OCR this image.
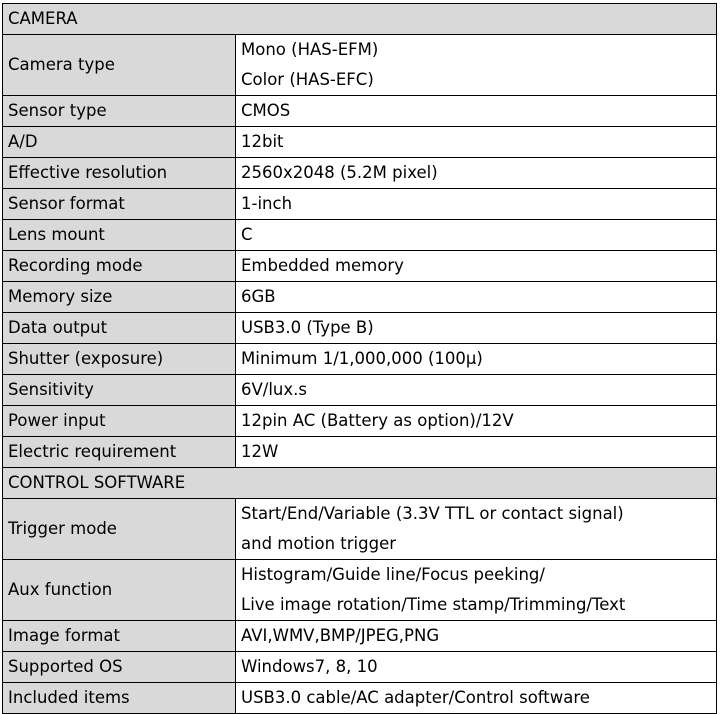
CAMERA	
Camera type	Mono (HAS-EFM)
Color (HAS-EFC)

Sensor type	CMOS

A/D	12bit

Effective resolution	2560x2048 (5.2M pixel)

Sensor format	1-inch

Lens mount	C

Recording mode	Embedded memory

Memory size	6GB

Data output	USB3.0 (Type B)

Shutter (exposure)	Minimum 1/1,000,000 (100μ)

Sensitivity	6V/lux.s

Power input	12pin AC (Battery as option)/12V

Electric requirement	12W

CONTROL SOFTWARE	
Trigger mode	Start/End/Variable (3.3V TTL or contact signal)
and motion trigger

Aux function	Histogram/Guide line/Focus peeking/
Live image rotation/Time stamp/Trimming/Text

Image format	AVI,WMV,BMP/JPEG,PNG

Supported OS	Windows7, 8, 10

Included items	USB3.0 cable/AC adapter/Control software
